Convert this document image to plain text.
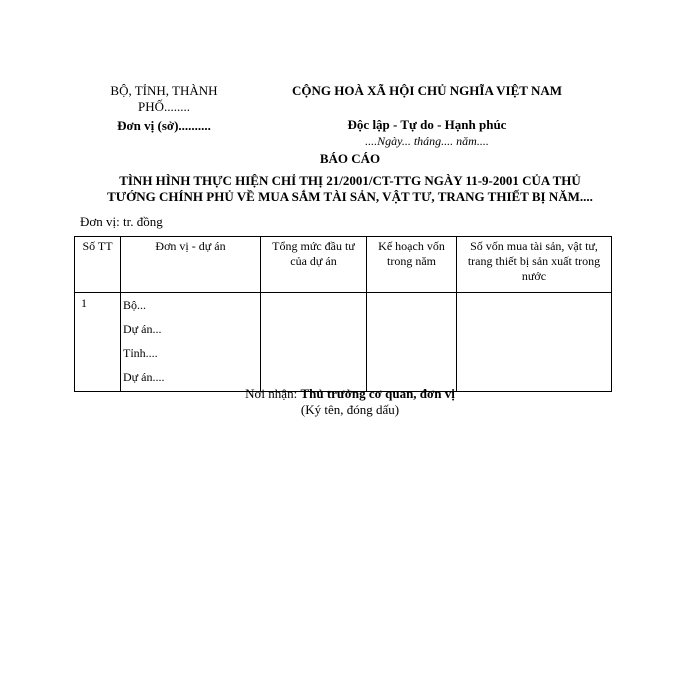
BỘ, TỈNH, THÀNH
PHỐ........
Đơn vị (sở)..........
CỘNG HOÀ XÃ HỘI CHỦ NGHĨA VIỆT NAM
Độc lập - Tự do - Hạnh phúc
....Ngày... tháng.... năm....
BÁO CÁO
TÌNH HÌNH THỰC HIỆN CHỈ THỊ 21/2001/CT-TTG NGÀY 11-9-2001 CỦA THỦ
TƯỚNG CHÍNH PHỦ VỀ MUA SẮM TÀI SẢN, VẬT TƯ, TRANG THIẾT BỊ NĂM....
Đơn vị: tr. đồng
Số TT	Đơn vị - dự án	Tổng mức đầu tư của dự án	Kế hoạch vốn trong năm	Số vốn mua tài sản, vật tư, trang thiết bị sản xuất trong nước
1	Bộ...
Dự án...
Tỉnh....
Dự án....			

Nơi nhận: Thủ trưởng cơ quan, đơn vị
(Ký tên, đóng dấu)
